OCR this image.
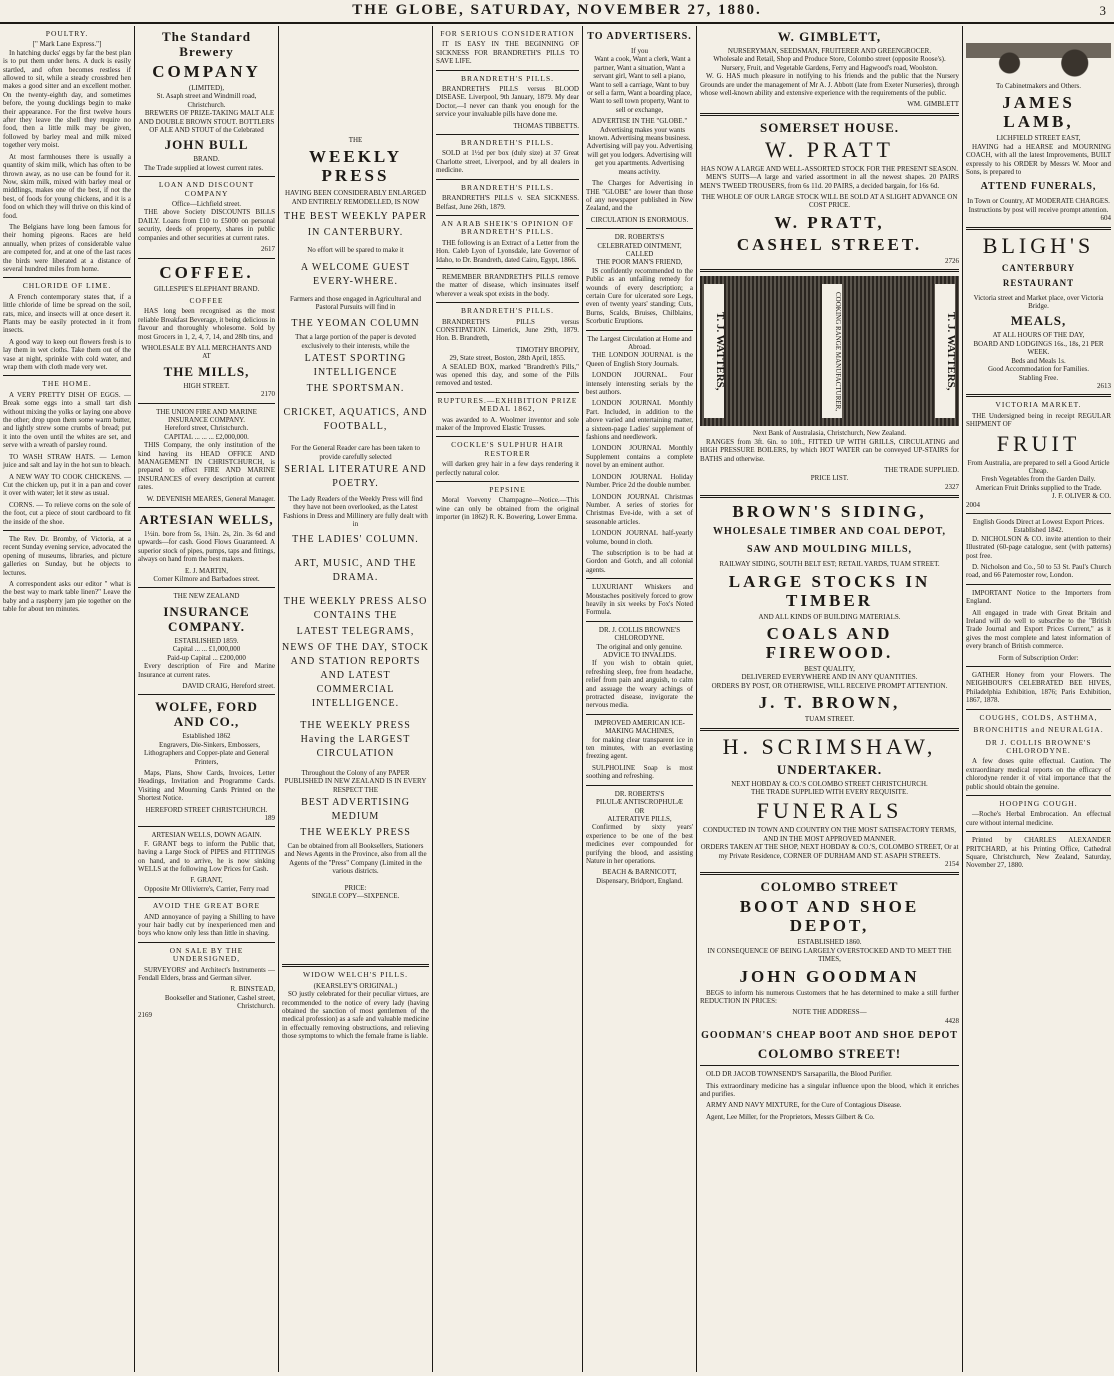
THE GLOBE, SATURDAY, NOVEMBER 27, 1880.	3
POULTRY.
[" Mark Lane Express."]

In hatching ducks' eggs by far the best plan is to put them under hens. A duck is easily startled, and often becomes restless if allowed to sit, while a steady crossbred hen makes a good sitter and an excellent mother. On the twenty-eighth day, and sometimes before, the young ducklings begin to make their appearance. For the first twelve hours after they leave the shell they require no food, then a little milk may be given, followed by barley meal and milk mixed together very moist.

At most farmhouses there is usually a quantity of skim milk, which has often to be thrown away, as no use can be found for it. Now, skim milk, mixed with barley meal or middlings, makes one of the best, if not the best, of foods for young chickens, and it is a food on which they will thrive on this kind of food.

The Belgians have long been famous for their homing pigeons. Races are held annually, when prizes of considerable value are competed for, and at one of the last races the birds were liberated at a distance of several hundred miles from home.

CHLORIDE OF LIME.

A French contemporary states that, if a little chloride of lime be spread on the soil, rats, mice, and insects will at once desert it. Plants may be easily protected in it from insects.

A good way to keep out flowers fresh is to lay them in wet cloths. Take them out of the vase at night, sprinkle with cold water, and wrap them with cloth made very wet.

THE HOME.

A VERY PRETTY DISH OF EGGS. — Break some eggs into a small tart dish without mixing the yolks or laying one above the other; drop upon them some warm butter, and lightly strew some crumbs of bread; put it into the oven until the whites are set, and serve with a wreath of parsley round.

TO WASH STRAW HATS. — Lemon juice and salt and lay in the hot sun to bleach.

A NEW WAY TO COOK CHICKENS. — Cut the chicken up, put it in a pan and cover it over with water; let it stew as usual.

CORNS. — To relieve corns on the sole of the foot, cut a piece of stout cardboard to fit the inside of the shoe.

The Rev. Dr. Bromby, of Victoria, at a recent Sunday evening service, advocated the opening of museums, libraries, and picture galleries on Sunday, but he objects to lectures.

A correspondent asks our editor " what is the best way to mark table linen?" Leave the baby and a raspberry jam pie together on the table for about ten minutes.

The Standard Brewery
COMPANY
(LIMITED),
St. Asaph street and Windmill road, Christchurch.

BREWERS OF PRIZE-TAKING MALT ALE AND DOUBLE BROWN STOUT. BOTTLERS OF ALE AND STOUT of the Celebrated

JOHN BULL
BRAND.

The Trade supplied at lowest current rates.

LOAN AND DISCOUNT COMPANY
Office—Lichfield street.

THE above Society DISCOUNTS BILLS DAILY. Loans from £10 to £5000 on personal security, deeds of property, shares in public companies and other securities at current rates.

2617
COFFEE.
GILLESPIE'S ELEPHANT BRAND.
COFFEE

HAS long been recognised as the most reliable Breakfast Beverage, it being delicious in flavour and thoroughly wholesome. Sold by most Grocers in 1, 2, 4, 7, 14, and 28lb tins, and

WHOLESALE BY ALL MERCHANTS AND AT
THE MILLS,
HIGH STREET.
2170
THE UNION FIRE AND MARINE INSURANCE COMPANY.
Hereford street, Christchurch.
CAPITAL ... ... ... £2,000,000.

THIS Company, the only institution of the kind having its HEAD OFFICE AND MANAGEMENT IN CHRISTCHURCH, is prepared to effect FIRE AND MARINE INSURANCES of every description at current rates.

W. DEVENISH MEARES, General Manager.
ARTESIAN WELLS,

1½in. bore from 5s, 1¾in. 2s, 2in. 3s 6d and upwards—for cash. Good Flows Guaranteed. A superior stock of pipes, pumps, taps and fittings, always on hand from the best makers.

E. J. MARTIN,
Corner Kilmore and Barbadoes street.
THE NEW ZEALAND
INSURANCE COMPANY.
ESTABLISHED 1859.
Capital ... ... £1,000,000
Paid-up Capital ... £200,000

Every description of Fire and Marine Insurance at current rates.

DAVID CRAIG, Hereford street.
WOLFE, FORD AND CO.,
Established 1862

Engravers, Die-Sinkers, Embossers, Lithographers and Copper-plate and General Printers,

Maps, Plans, Show Cards, Invoices, Letter Headings, Invitation and Programme Cards. Visiting and Mourning Cards Printed on the Shortest Notice.

HEREFORD STREET CHRISTCHURCH.
189
ARTESIAN WELLS, DOWN AGAIN.

F. GRANT begs to inform the Public that, having a Large Stock of PIPES and FITTINGS on hand, and to arrive, he is now sinking WELLS at the following Low Prices for Cash.

F. GRANT,
Opposite Mr Ollivierre's, Carrier, Ferry road
AVOID THE GREAT BORE

AND annoyance of paying a Shilling to have your hair badly cut by inexperienced men and boys who know only less than little in shaving.

ON SALE BY THE UNDERSIGNED,

SURVEYORS' and Architect's Instruments — Fendall Elders, brass and German silver.

R. BINSTEAD,
Bookseller and Stationer, Cashel street, Christchurch.
2169
THE
WEEKLY PRESS
HAVING BEEN CONSIDERABLY ENLARGED AND ENTIRELY REMODELLED, IS NOW
THE BEST WEEKLY PAPER
IN CANTERBURY.
No effort will be spared to make it
A WELCOME GUEST EVERY-WHERE.
Farmers and those engaged in Agricultural and Pastoral Pursuits will find in
THE YEOMAN COLUMN
That a large portion of the paper is devoted exclusively to their interests, while the
LATEST SPORTING INTELLIGENCE
THE SPORTSMAN.
CRICKET, AQUATICS, AND FOOTBALL,
For the General Reader care has been taken to provide carefully selected
SERIAL LITERATURE AND POETRY.
The Lady Readers of the Weekly Press will find they have not been overlooked, as the Latest Fashions in Dress and Millinery are fully dealt with in
THE LADIES' COLUMN.
ART, MUSIC, AND THE DRAMA.
THE WEEKLY PRESS ALSO CONTAINS THE
LATEST TELEGRAMS,
NEWS OF THE DAY, STOCK AND STATION REPORTS AND LATEST COMMERCIAL INTELLIGENCE.
THE WEEKLY PRESS Having the LARGEST CIRCULATION
Throughout the Colony of any PAPER PUBLISHED IN NEW ZEALAND IS IN EVERY RESPECT THE
BEST ADVERTISING MEDIUM
THE WEEKLY PRESS
Can be obtained from all Booksellers, Stationers and News Agents in the Province, also from all the Agents of the "Press" Company (Limited in the various districts.
PRICE:
SINGLE COPY—SIXPENCE.
WIDOW WELCH'S PILLS.
(KEARSLEY'S ORIGINAL.)

SO justly celebrated for their peculiar virtues, are recommended to the notice of every lady (having obtained the sanction of most gentlemen of the medical profession) as a safe and valuable medicine in effectually removing obstructions, and relieving those symptoms to which the female frame is liable.

FOR SERIOUS CONSIDERATION

IT IS EASY IN THE BEGINNING OF SICKNESS FOR BRANDRETH'S PILLS TO SAVE LIFE.

BRANDRETH'S PILLS.

BRANDRETH'S PILLS versus BLOOD DISEASE. Liverpool, 9th January, 1879. My dear Doctor,—I never can thank you enough for the service your invaluable pills have done me.

THOMAS TIBBETTS.
BRANDRETH'S PILLS.

SOLD at 1½d per box (duly size) at 37 Great Charlotte street, Liverpool, and by all dealers in medicine.

BRANDRETH'S PILLS.

BRANDRETH'S PILLS v. SEA SICKNESS. Belfast, June 26th, 1879.

AN ARAB SHEIK'S OPINION OF BRANDRETH'S PILLS.

THE following is an Extract of a Letter from the Hon. Caleb Lyon of Lyonsdale, late Governor of Idaho, to Dr. Brandreth, dated Cairo, Egypt, 1866.

REMEMBER BRANDRETH'S PILLS remove the matter of disease, which insinuates itself wherever a weak spot exists in the body.

BRANDRETH'S PILLS.

BRANDRETH'S PILLS versus CONSTIPATION. Limerick, June 29th, 1879. Hon. B. Brandreth,

TIMOTHY BROPHY,
29, State street, Boston, 28th April, 1855.

A SEALED BOX, marked "Brandreth's Pills," was opened this day, and some of the Pills removed and tested.

RUPTURES.—EXHIBITION PRIZE MEDAL 1862,

was awarded to A. Woolmer inventor and sole maker of the Improved Elastic Trusses.

COCKLE'S SULPHUR HAIR RESTORER

will darken grey hair in a few days rendering it perfectly natural color.

PEPSINE

Moral Voeveny Champagne—Notice.—This wine can only be obtained from the original importer (in 1862) R. K. Bowering, Lower Emma.

TO ADVERTISERS.
If you

Want a cook, Want a clerk, Want a partner, Want a situation, Want a servant girl, Want to sell a piano, Want to sell a carriage, Want to buy or sell a farm, Want a boarding place, Want to sell town property, Want to sell or exchange,

ADVERTISE IN THE "GLOBE."

Advertising makes your wants known. Advertising means business. Advertising will pay you. Advertising will get you lodgers. Advertising will get you apartments. Advertising means activity.

The Charges for Advertising in THE "GLOBE" are lower than those of any newspaper published in New Zealand, and the

CIRCULATION IS ENORMOUS.
DR. ROBERTS'S
CELEBRATED OINTMENT,
CALLED
THE POOR MAN'S FRIEND,

IS confidently recommended to the Public as an unfailing remedy for wounds of every description; a certain Cure for ulcerated sore Legs, even of twenty years' standing; Cuts, Burns, Scalds, Bruises, Chilblains, Scorbutic Eruptions.

The Largest Circulation at Home and Abroad.

THE LONDON JOURNAL is the Queen of English Story Journals.

LONDON JOURNAL. Four intensely interesting serials by the best authors.

LONDON JOURNAL Monthly Part. Included, in addition to the above varied and entertaining matter, a sixteen-page Ladies' supplement of fashions and needlework.

LONDON JOURNAL Monthly Supplement contains a complete novel by an eminent author.

LONDON JOURNAL Holiday Number. Price 2d the double number.

LONDON JOURNAL Christmas Number. A series of stories for Christmas Eve-ide, with a set of seasonable articles.

LONDON JOURNAL half-yearly volume, bound in cloth.

The subscription is to be had at Gordon and Gotch, and all colonial agents.

LUXURIANT Whiskers and Moustaches positively forced to grow heavily in six weeks by Fox's Noted Formula.

DR. J. COLLIS BROWNE'S CHLORODYNE.
The original and only genuine.
ADVICE TO INVALIDS.

If you wish to obtain quiet, refreshing sleep, free from headache, relief from pain and anguish, to calm and assuage the weary achings of protracted disease, invigorate the nervous media.

IMPROVED AMERICAN ICE-MAKING MACHINES,

for making clear transparent ice in ten minutes, with an everlasting freezing agent.

SULPHOLINE Soap is most soothing and refreshing.

DR. ROBERTS'S
PILULÆ ANTISCROPHULÆ
OR
ALTERATIVE PILLS,

Confirmed by sixty years' experience to be one of the best medicines ever compounded for purifying the blood, and assisting Nature in her operations.

BEACH & BARNICOTT,
Dispensary, Bridport, England.
W. GIMBLETT,
NURSERYMAN, SEEDSMAN, FRUITERER AND GREENGROCER.
Wholesale and Retail, Shop and Produce Store, Colombo street (opposite Roose's).
Nursery, Fruit, and Vegetable Gardens, Ferry and Hagwood's road, Woolston.

W. G. HAS much pleasure in notifying to his friends and the public that the Nursery Grounds are under the management of Mr A. J. Abbott (late from Exeter Nurseries), through whose well-known ability and extensive experience with the requirements of the public.

WM. GIMBLETT
SOMERSET HOUSE.
W. PRATT
HAS NOW A LARGE AND WELL-ASSORTED STOCK FOR THE PRESENT SEASON.

MEN'S SUITS—A large and varied assortment in all the newest shapes. 20 PAIRS MEN'S TWEED TROUSERS, from 6s 11d. 20 PAIRS, a decided bargain, for 16s 6d.

THE WHOLE OF OUR LARGE STOCK WILL BE SOLD AT A SLIGHT ADVANCE ON COST PRICE.
W. PRATT,
CASHEL STREET.
2726
T. J. WATTERS,	COOKING RANGE MANUFACTURER,	T. J. WATTERS,
Next Bank of Australasia, Christchurch, New Zealand.

RANGES from 3ft. 6in. to 10ft., FITTED UP WITH GRILLS, CIRCULATING and HIGH PRESSURE BOILERS, by which HOT WATER can be conveyed UP-STAIRS for BATHS and otherwise.

THE TRADE SUPPLIED.
PRICE LIST.
2327
BROWN'S SIDING,
WHOLESALE TIMBER AND COAL DEPOT,
SAW AND MOULDING MILLS,
RAILWAY SIDING, SOUTH BELT EST; RETAIL YARDS, TUAM STREET.
LARGE STOCKS IN TIMBER
AND ALL KINDS OF BUILDING MATERIALS.
COALS AND FIREWOOD.
BEST QUALITY,
DELIVERED EVERYWHERE AND IN ANY QUANTITIES.
ORDERS BY POST, OR OTHERWISE, WILL RECEIVE PROMPT ATTENTION.
J. T. BROWN,
TUAM STREET.
H. SCRIMSHAW,
UNDERTAKER.
NEXT HOBDAY & CO.'S COLOMBO STREET CHRISTCHURCH.
THE TRADE SUPPLIED WITH EVERY REQUISITE.
FUNERALS
CONDUCTED IN TOWN AND COUNTRY ON THE MOST SATISFACTORY TERMS, AND IN THE MOST APPROVED MANNER.
ORDERS TAKEN AT THE SHOP, NEXT HOBDAY & CO.'S, COLOMBO STREET, Or at my Private Residence, CORNER OF DURHAM AND ST. ASAPH STREETS.
2154
COLOMBO STREET
BOOT AND SHOE DEPOT,
ESTABLISHED 1860.
IN CONSEQUENCE OF BEING LARGELY OVERSTOCKED AND TO MEET THE TIMES,
JOHN GOODMAN

BEGS to inform his numerous Customers that he has determined to make a still further REDUCTION IN PRICES:

NOTE THE ADDRESS—
4428
GOODMAN'S CHEAP BOOT AND SHOE DEPOT
COLOMBO STREET!

OLD DR JACOB TOWNSEND'S Sarsaparilla, the Blood Purifier.

This extraordinary medicine has a singular influence upon the blood, which it enriches and purifies.

ARMY AND NAVY MIXTURE, for the Cure of Contagious Disease.

Agent, Lee Miller, for the Proprietors, Messrs Gilbert & Co.

To Cabinetmakers and Others.
JAMES LAMB,
LICHFIELD STREET EAST,

HAVING had a HEARSE and MOURNING COACH, with all the latest Improvements, BUILT expressly to his ORDER by Messrs W. Moor and Sons, is prepared to

ATTEND FUNERALS,
In Town or Country, AT MODERATE CHARGES.
Instructions by post will receive prompt attention.
604
BLIGH'S
CANTERBURY RESTAURANT
Victoria street and Market place, over Victoria Bridge.
MEALS,
AT ALL HOURS OF THE DAY,
BOARD AND LODGINGS 16s., 18s, 21 PER WEEK.
Beds and Meals 1s.
Good Accommodation for Families.
Stabling Free.
2613
VICTORIA MARKET.

THE Undersigned being in receipt REGULAR SHIPMENT OF

FRUIT
From Australia, are prepared to sell a Good Article Cheap.
Fresh Vegetables from the Garden Daily.
American Fruit Drinks supplied to the Trade.
J. F. OLIVER & CO.
2004
English Goods Direct at Lowest Export Prices.
Established 1842.

D. NICHOLSON & CO. invite attention to their Illustrated (60-page catalogue, sent (with patterns) post free.

D. Nicholson and Co., 50 to 53 St. Paul's Church road, and 66 Paternoster row, London.

IMPORTANT Notice to the Importers from England.

All engaged in trade with Great Britain and Ireland will do well to subscribe to the "British Trade Journal and Export Prices Current," as it gives the most complete and latest information of every branch of British commerce.

Form of Subscription Order:

GATHER Honey from your Flowers. The NEIGHBOUR'S CELEBRATED BEE HIVES, Philadelphia Exhibition, 1876; Paris Exhibition, 1867, 1878.

COUGHS, COLDS, ASTHMA,
BRONCHITIS and NEURALGIA.
DR J. COLLIS BROWNE'S CHLORODYNE.

A few doses quite effectual. Caution. The extraordinary medical reports on the efficacy of chlorodyne render it of vital importance that the public should obtain the genuine.

HOOPING COUGH.

—Roche's Herbal Embrocation. An effectual cure without internal medicine.

Printed by CHARLES ALEXANDER PRITCHARD, at his Printing Office, Cathedral Square, Christchurch, New Zealand, Saturday, November 27, 1880.
